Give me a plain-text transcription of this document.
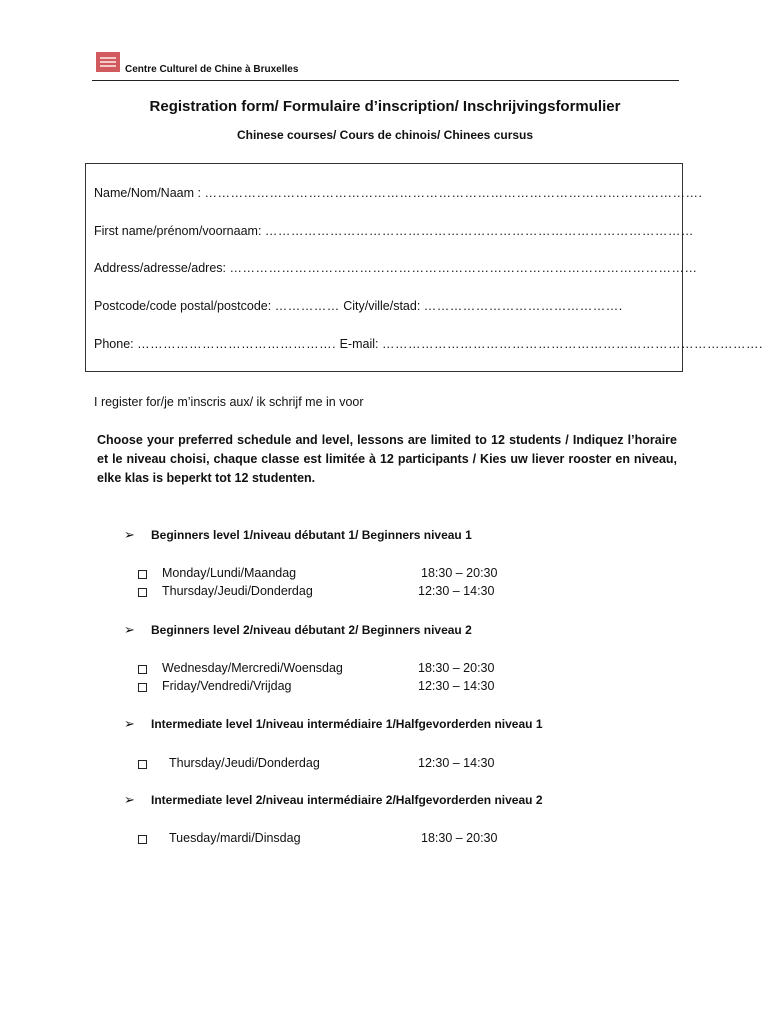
Centre Culturel de Chine à Bruxelles
Registration form/ Formulaire d’inscription/ Inschrijvingsformulier
Chinese courses/ Cours de chinois/ Chinees cursus
Name/Nom/Naam : …………………………………………………………………………………………………….
First name/prénom/voornaam: ………………………………………………………………………………………
Address/adresse/adres: ………………………………………………………………………………………………
Postcode/code postal/postcode: …………… City/ville/stad: ……………………………………….
Phone: ………………………………………. E-mail: …………………………………………………………………………….
I register for/je m’inscris aux/ ik schrijf me in voor
Choose your preferred schedule and level, lessons are limited to 12 students / Indiquez l’horaire et le niveau choisi, chaque classe est limitée à 12 participants / Kies uw liever rooster en niveau, elke klas is beperkt tot 12 studenten.
➢ Beginners level 1/niveau débutant 1/ Beginners niveau 1
Monday/Lundi/Maandag	18:30 – 20:30
Thursday/Jeudi/Donderdag	12:30 – 14:30
➢ Beginners level 2/niveau débutant 2/ Beginners niveau 2
Wednesday/Mercredi/Woensdag	18:30 – 20:30
Friday/Vendredi/Vrijdag	12:30 – 14:30
➢ Intermediate level 1/niveau intermédiaire 1/Halfgevorderden niveau 1
Thursday/Jeudi/Donderdag	12:30 – 14:30
➢ Intermediate level 2/niveau intermédiaire 2/Halfgevorderden niveau 2
Tuesday/mardi/Dinsdag	18:30 – 20:30
